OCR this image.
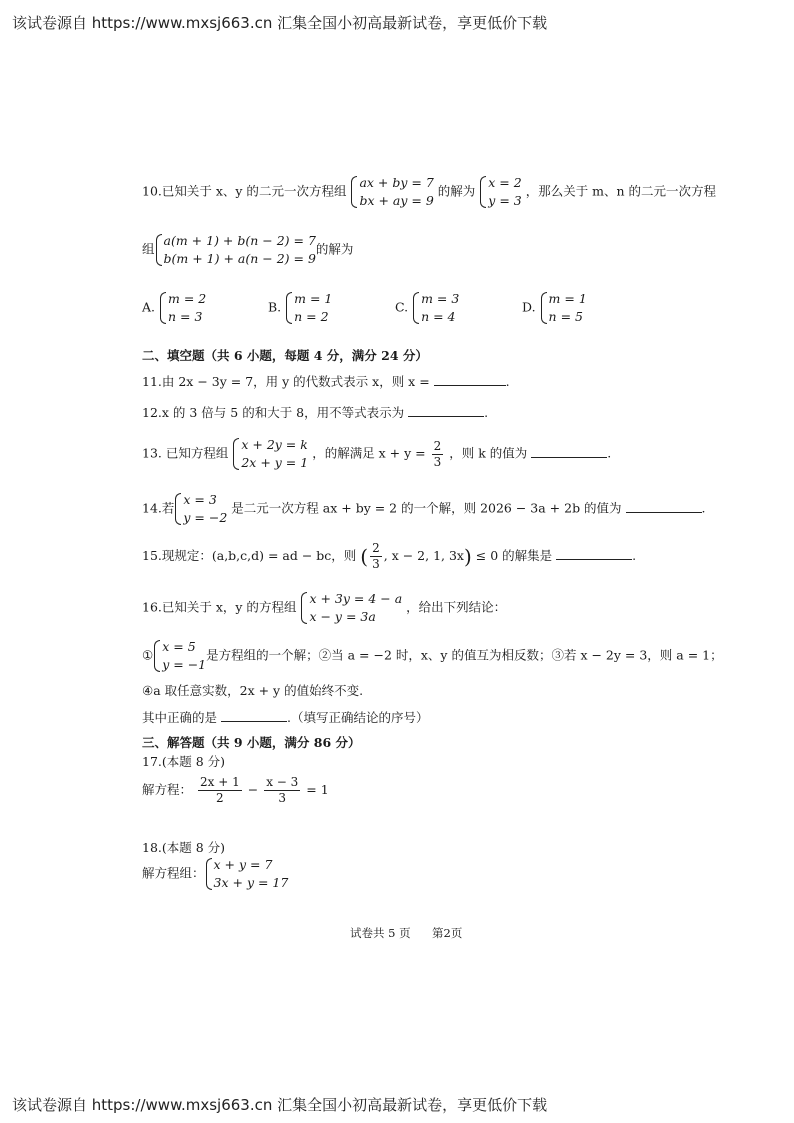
该试卷源自 https://www.mxsj663.cn 汇集全国小初高最新试卷，享更低价下载
10.已知关于 x、y 的二元一次方程组
ax + by = 7
bx + ay = 9
的解为
x = 2
y = 3
，那么关于 m、n 的二元一次方程
组
a(m + 1) + b(n − 2) = 7
b(m + 1) + a(n − 2) = 9
的解为
A.
m = 2
n = 3
B.
m = 1
n = 2
C.
m = 3
n = 4
D.
m = 1
n = 5
二、填空题（共 6 小题，每题 4 分，满分 24 分）
11.由 2x − 3y = 7，用 y 的代数式表示 x，则 x =	.
12.x 的 3 倍与 5 的和大于 8，用不等式表示为	.
13. 已知方程组
x + 2y = k
2x + y = 1
，的解满足 $x + y = \frac{2}{3}$ ，则 k 的值为	.
14.若
x = 3
y = −2
是二元一次方程 ax + by = 2 的一个解，则 2026 − 3a + 2b 的值为	.
15.现规定：(a,b,c,d) = ad − bc，则 ( $\frac{2}{3}$ , x − 2, 1, 3x) ≤ 0 的解集是	.
16.已知关于 x，y 的方程组
x + 3y = 4 − a
x − y = 3a
，给出下列结论：
①
x = 5
y = −1
是方程组的一个解；②当 a = −2 时，x、y 的值互为相反数；③若 x − 2y = 3，则 a = 1；
④a 取任意实数，2x + y 的值始终不变.
其中正确的是	.（填写正确结论的序号）
三、解答题（共 9 小题，满分 86 分）
17.(本题 8 分)
解方程： $\frac{2x + 1}{2} - \frac{x - 3}{3} = 1$
18.(本题 8 分)
解方程组：
x + y = 7
3x + y = 17
试卷共 5 页 第2页
该试卷源自 https://www.mxsj663.cn 汇集全国小初高最新试卷，享更低价下载
